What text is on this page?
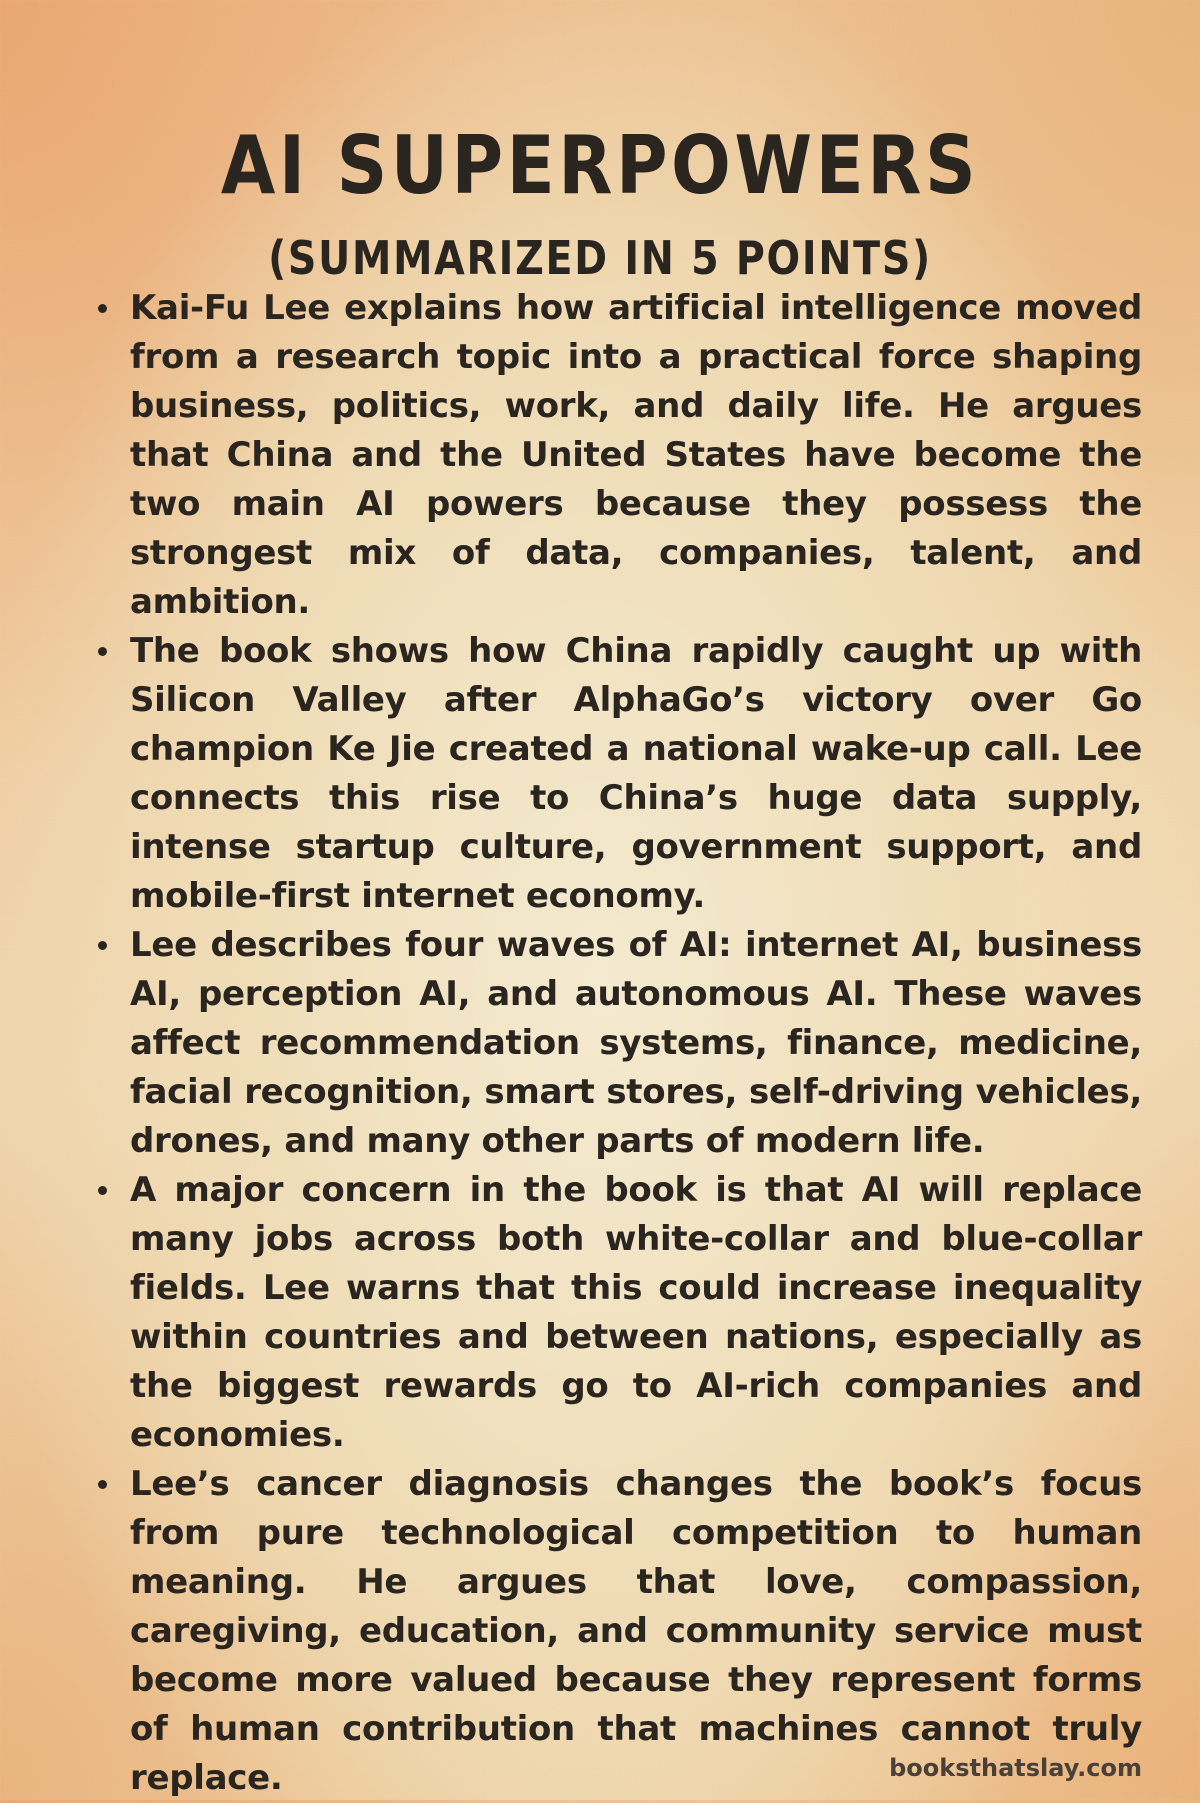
AI SUPERPOWERS
(SUMMARIZED IN 5 POINTS)
Kai-Fu Lee explains how artificial intelligence moved from a research topic into a practical force shaping business, politics, work, and daily life. He argues that China and the United States have become the two main AI powers because they possess the strongest mix of data, companies, talent, and ambition.
The book shows how China rapidly caught up with Silicon Valley after AlphaGo’s victory over Go champion Ke Jie created a national wake-up call. Lee connects this rise to China’s huge data supply, intense startup culture, government support, and mobile-first internet economy.
Lee describes four waves of AI: internet AI, business AI, perception AI, and autonomous AI. These waves affect recommendation systems, finance, medicine, facial recognition, smart stores, self-driving vehicles, drones, and many other parts of modern life.
A major concern in the book is that AI will replace many jobs across both white-collar and blue-collar fields. Lee warns that this could increase inequality within countries and between nations, especially as the biggest rewards go to AI-rich companies and economies.
Lee’s cancer diagnosis changes the book’s focus from pure technological competition to human meaning. He argues that love, compassion, caregiving, education, and community service must become more valued because they represent forms of human contribution that machines cannot truly replace.	booksthatslay.com
